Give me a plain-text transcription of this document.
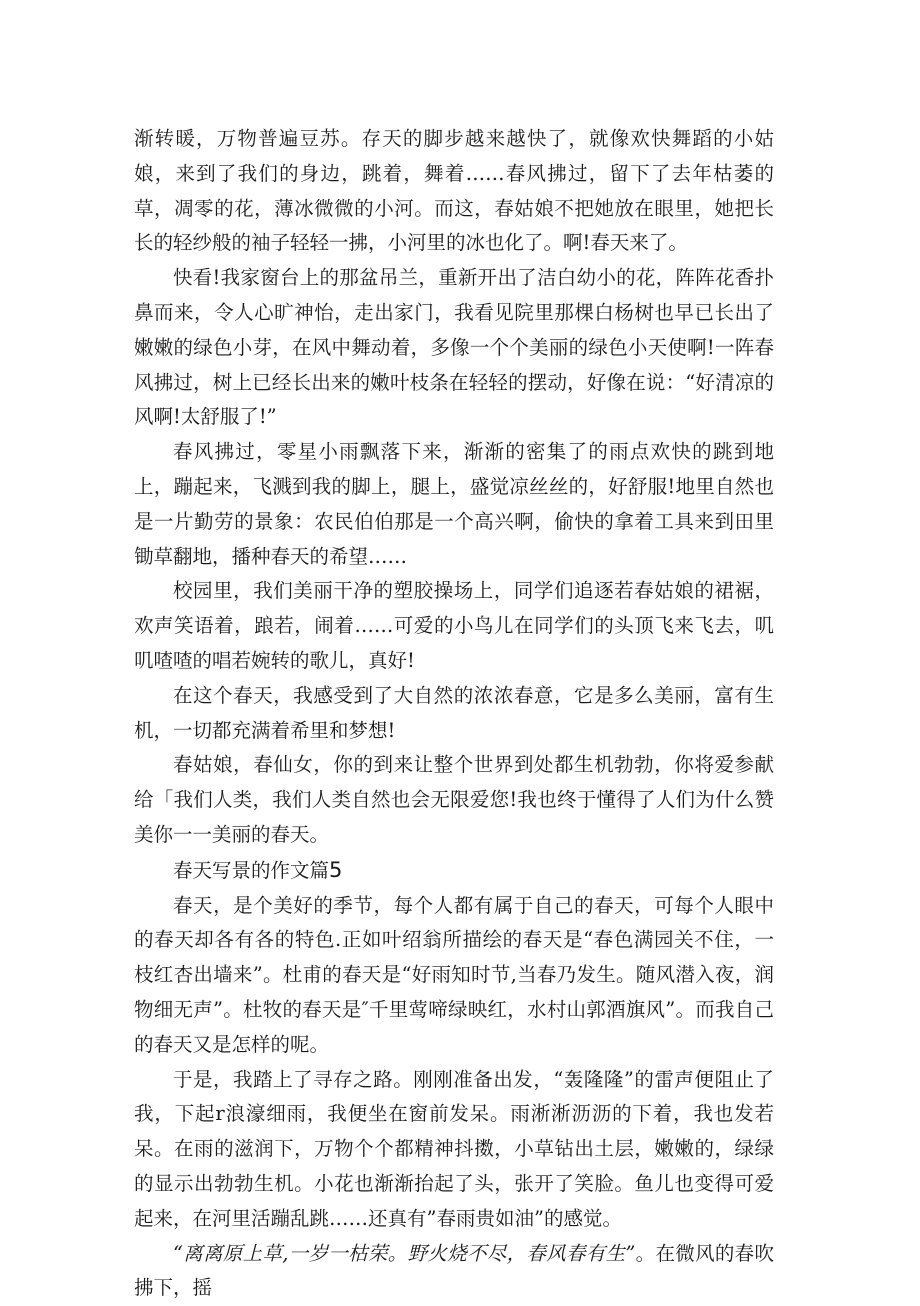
渐转暖，万物普遍豆苏。存天的脚步越来越快了，就像欢快舞蹈的小姑娘，来到了我们的身边，跳着，舞着……春风拂过，留下了去年枯萎的草，凋零的花，薄冰微微的小河。而这，春姑娘不把她放在眼里，她把长长的轻纱般的袖子轻轻一拂，小河里的冰也化了。啊!春天来了。

快看!我家窗台上的那盆吊兰，重新开出了洁白幼小的花，阵阵花香扑鼻而来，令人心旷神怡，走出家门，我看见院里那棵白杨树也早已长出了嫩嫩的绿色小芽，在风中舞动着，多像一个个美丽的绿色小天使啊!一阵春风拂过，树上已经长出来的嫩叶枝条在轻轻的摆动，好像在说：“好清凉的风啊!太舒服了!”

春风拂过，零星小雨飘落下来，渐渐的密集了的雨点欢快的跳到地上，蹦起来，飞溅到我的脚上，腿上，盛觉凉丝丝的，好舒服!地里自然也是一片勤劳的景象：农民伯伯那是一个高兴啊，偷快的拿着工具来到田里锄草翻地，播种春天的希望……

校园里，我们美丽干净的塑胶操场上，同学们追逐若春姑娘的裙裾，欢声笑语着，踉若，闹着……可爱的小鸟儿在同学们的头顶飞来飞去，叽叽喳喳的唱若婉转的歌儿，真好!

在这个春天，我感受到了大自然的浓浓春意，它是多么美丽，富有生机，一切都充满着希里和梦想!

春姑娘，春仙女，你的到来让整个世界到处都生机勃勃，你将爱参献给「我们人类，我们人类自然也会无限爱您!我也终于懂得了人们为什么赞美你一一美丽的春天。

春天写景的作文篇5

春天，是个美好的季节，每个人都有属于自己的春天，可每个人眼中的春天却各有各的特色.正如叶绍翁所描绘的春天是“春色满园关不住，一枝红杏出墙来”。杜甫的春天是“好雨知时节,当春乃发生。随风潜入夜，润物细无声”。杜牧的春天是″千里莺啼绿映红，水村山郭酒旗风”。而我自己的春天又是怎样的呢。

于是，我踏上了寻存之路。刚刚准备出发，“轰隆隆”的雷声便阻止了我，下起r浪濠细雨，我便坐在窗前发呆。雨淅淅沥沥的下着，我也发若呆。在雨的滋润下，万物个个都精神抖擞，小草钻出土层，嫩嫩的，绿绿的显示出勃勃生机。小花也渐渐抬起了头，张开了笑脸。鱼儿也变得可爱起来，在河里活蹦乱跳……还真有”春雨贵如油”的感觉。

“离离原上草,一岁一枯荣。野火烧不尽，春风春有生”。在微风的春吹拂下，摇
